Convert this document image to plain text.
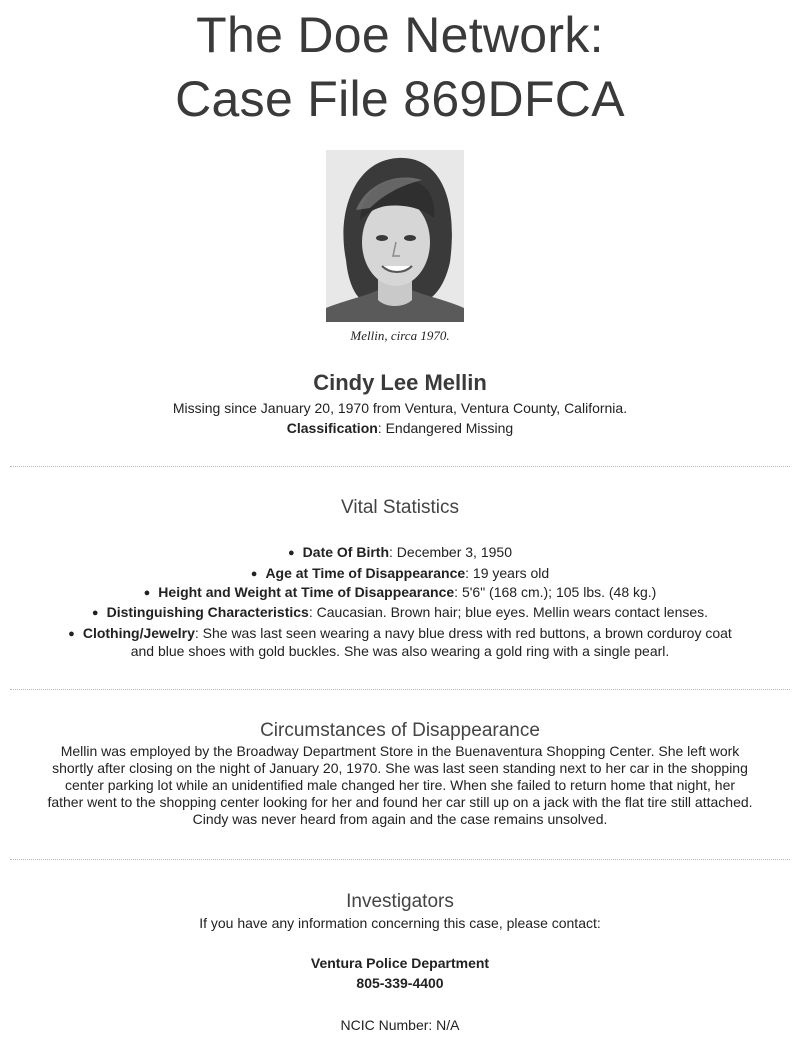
The Doe Network:
Case File 869DFCA
Mellin, circa 1970.
Cindy Lee Mellin
Missing since January 20, 1970 from Ventura, Ventura County, California.
Classification: Endangered Missing
Vital Statistics
● Date Of Birth: December 3, 1950
● Age at Time of Disappearance: 19 years old
● Height and Weight at Time of Disappearance: 5'6" (168 cm.); 105 lbs. (48 kg.)
● Distinguishing Characteristics: Caucasian. Brown hair; blue eyes. Mellin wears contact lenses.
● Clothing/Jewelry: She was last seen wearing a navy blue dress with red buttons, a brown corduroy coat
and blue shoes with gold buckles. She was also wearing a gold ring with a single pearl.
Circumstances of Disappearance
Mellin was employed by the Broadway Department Store in the Buenaventura Shopping Center. She left work
shortly after closing on the night of January 20, 1970. She was last seen standing next to her car in the shopping
center parking lot while an unidentified male changed her tire. When she failed to return home that night, her
father went to the shopping center looking for her and found her car still up on a jack with the flat tire still attached.
Cindy was never heard from again and the case remains unsolved.
Investigators
If you have any information concerning this case, please contact:
Ventura Police Department
805-339-4400
NCIC Number: N/A
